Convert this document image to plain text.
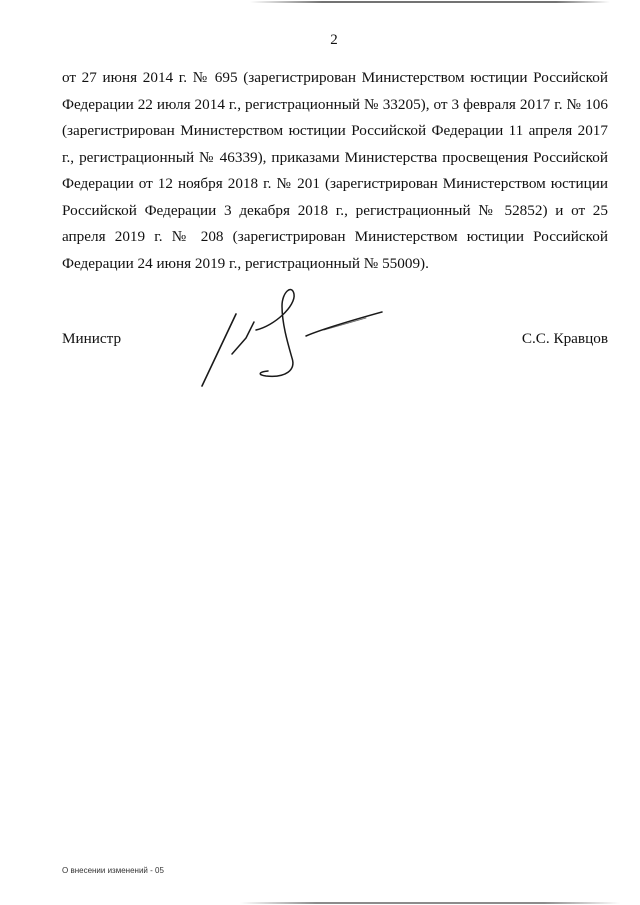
2

от 27 июня 2014 г. № 695 (зарегистрирован Министерством юстиции Российской Федерации 22 июля 2014 г., регистрационный № 33205), от 3 февраля 2017 г. № 106 (зарегистрирован Министерством юстиции Российской Федерации 11 апреля 2017 г., регистрационный № 46339), приказами Министерства просвещения Российской Федерации от 12 ноября 2018 г. № 201 (зарегистрирован Министерством юстиции Российской Федерации 3 декабря 2018 г., регистрационный № 52852) и от 25 апреля 2019 г. № 208 (зарегистрирован Министерством юстиции Российской Федерации 24 июня 2019 г., регистрационный № 55009).

Министр	С.С. Кравцов
О внесении изменений - 05
